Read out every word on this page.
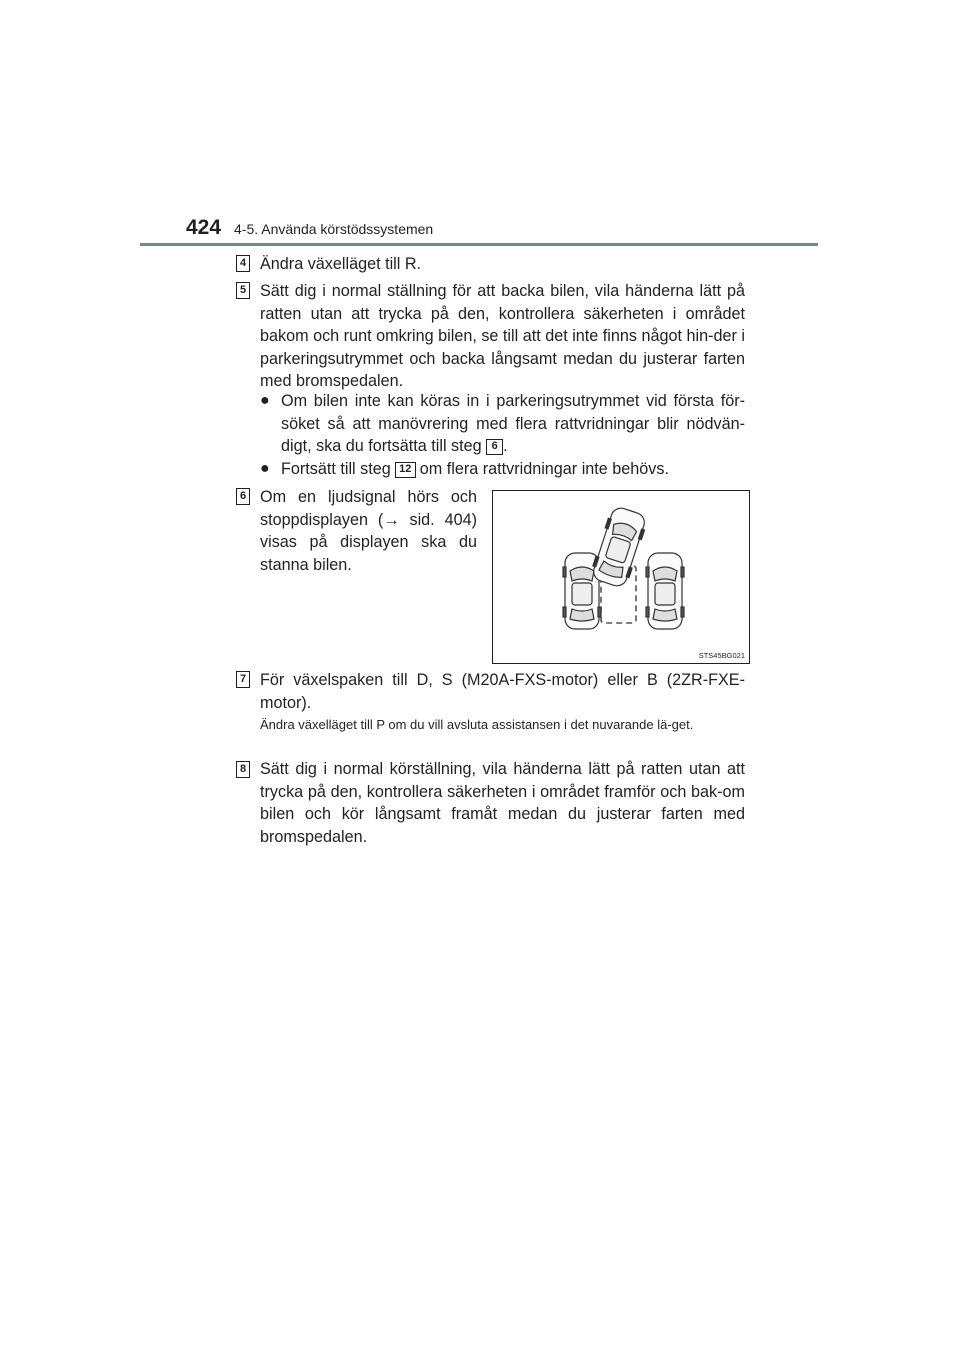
424 4-5. Använda körstödssystemen
4 Ändra växelläget till R.
5 Sätt dig i normal ställning för att backa bilen, vila händerna lätt på ratten utan att trycka på den, kontrollera säkerheten i området bakom och runt omkring bilen, se till att det inte finns något hin-der i parkeringsutrymmet och backa långsamt medan du justerar farten med bromspedalen.
● Om bilen inte kan köras in i parkeringsutrymmet vid första för-söket så att manövrering med flera rattvridningar blir nödvän-digt, ska du fortsätta till steg 6 .
● Fortsätt till steg 12 om flera rattvridningar inte behövs.
6 Om en ljudsignal hörs och stoppdisplayen (→ sid. 404) visas på displayen ska du stanna bilen.
STS45BG021
7 För växelspaken till D, S (M20A-FXS-motor) eller B (2ZR-FXE-motor).
Ändra växelläget till P om du vill avsluta assistansen i det nuvarande lä-get.
8 Sätt dig i normal körställning, vila händerna lätt på ratten utan att trycka på den, kontrollera säkerheten i området framför och bak-om bilen och kör långsamt framåt medan du justerar farten med bromspedalen.
